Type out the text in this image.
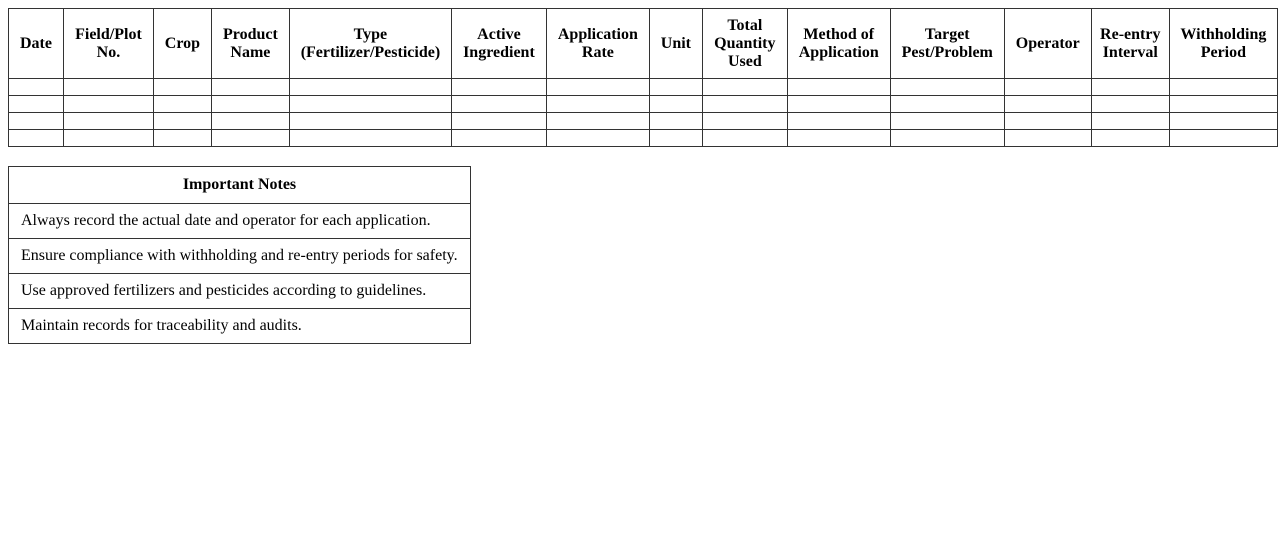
Date	Field/Plot No.	Crop	Product Name	Type (Fertilizer/Pesticide)	Active Ingredient	Application Rate	Unit	Total Quantity Used	Method of Application	Target Pest/Problem	Operator	Re-entry Interval	Withholding Period

Important Notes
Always record the actual date and operator for each application.
Ensure compliance with withholding and re-entry periods for safety.
Use approved fertilizers and pesticides according to guidelines.
Maintain records for traceability and audits.
